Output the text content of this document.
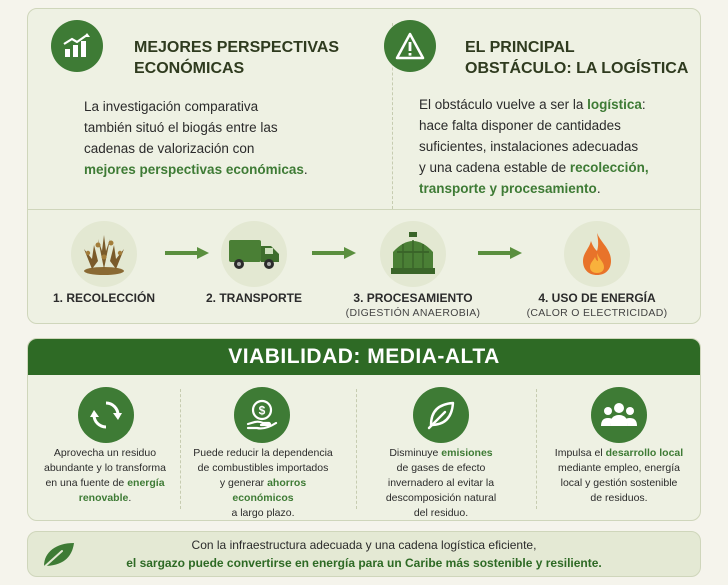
MEJORES PERSPECTIVAS
ECONÓMICAS
La investigación comparativa
también situó el biogás entre las
cadenas de valorización con
mejores perspectivas económicas.
EL PRINCIPAL
OBSTÁCULO: LA LOGÍSTICA
El obstáculo vuelve a ser la logística:
hace falta disponer de cantidades
suficientes, instalaciones adecuadas
y una cadena estable de recolección,
transporte y procesamiento.
1. RECOLECCIÓN	2. TRANSPORTE	3. PROCESAMIENTO
(DIGESTIÓN ANAEROBIA)
4. USO DE ENERGÍA
(CALOR O ELECTRICIDAD)
VIABILIDAD: MEDIA-ALTA
$
Aprovecha un residuo
abundante y lo transforma
en una fuente de energía
renovable.
Puede reducir la dependencia
de combustibles importados
y generar ahorros económicos
a largo plazo.
Disminuye emisiones
de gases de efecto
invernadero al evitar la
descomposición natural
del residuo.
Impulsa el desarrollo local
mediante empleo, energía
local y gestión sostenible
de residuos.
Con la infraestructura adecuada y una cadena logística eficiente,
el sargazo puede convertirse en energía para un Caribe más sostenible y resiliente.
